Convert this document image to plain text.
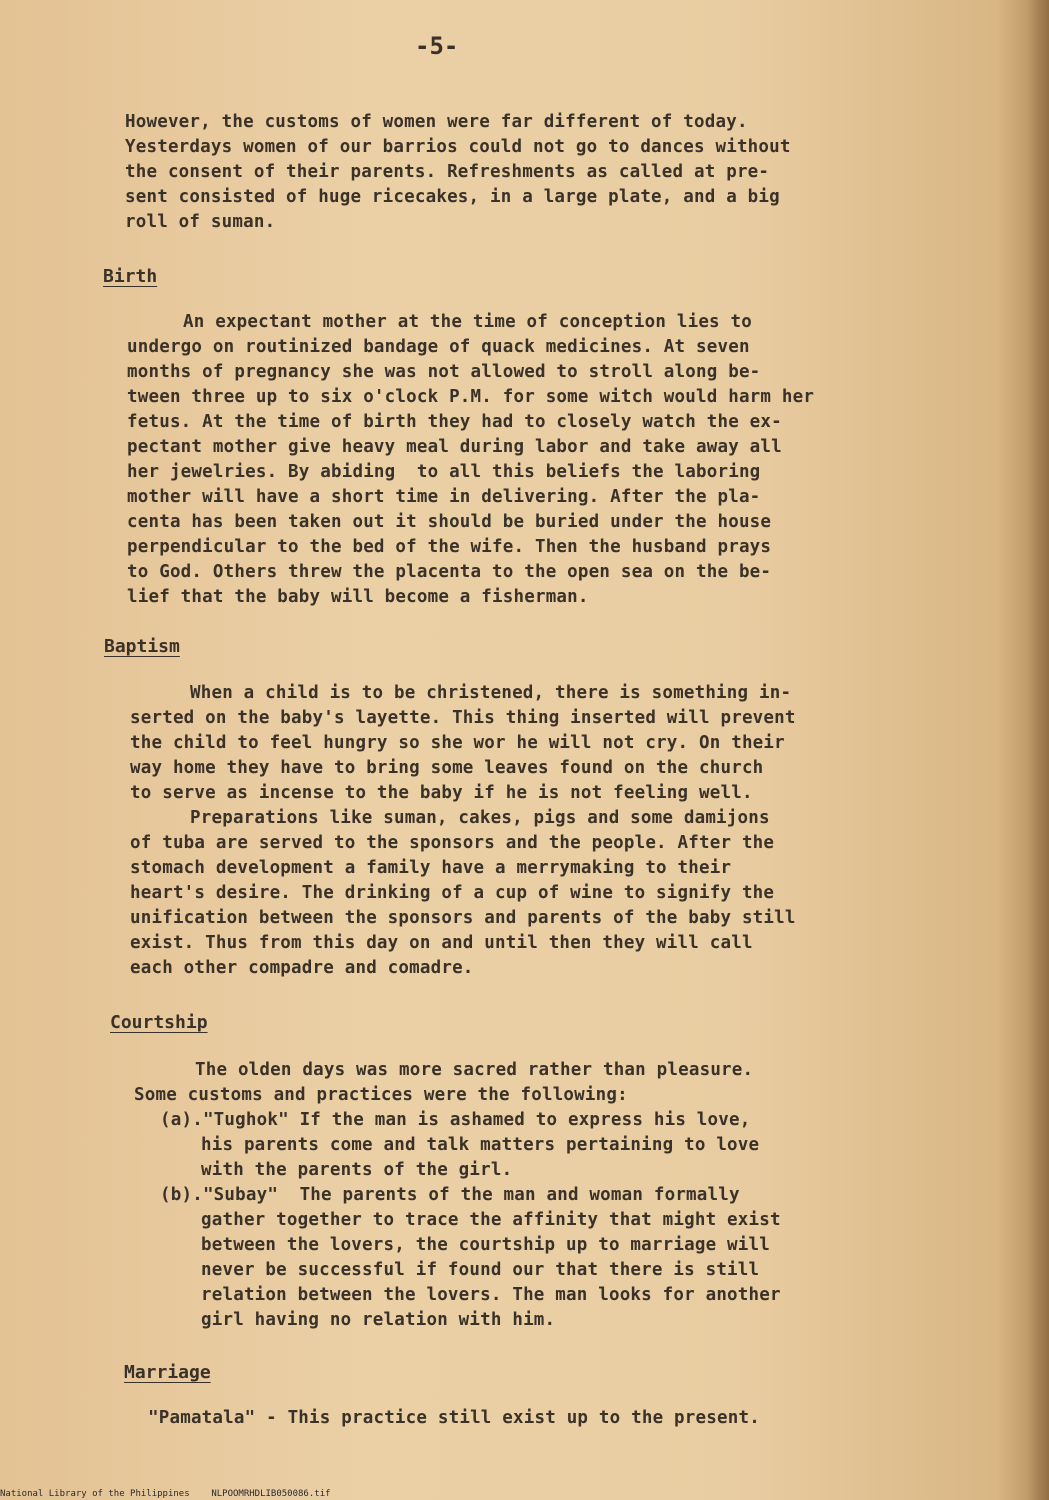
-5-
However, the customs of women were far different of today.
Yesterdays women of our barrios could not go to dances without
the consent of their parents. Refreshments as called at pre-
sent consisted of huge ricecakes, in a large plate, and a big
roll of suman.
Birth
An expectant mother at the time of conception lies to
undergo on routinized bandage of quack medicines. At seven
months of pregnancy she was not allowed to stroll along be-
tween three up to six o'clock P.M. for some witch would harm her
fetus. At the time of birth they had to closely watch the ex-
pectant mother give heavy meal during labor and take away all
her jewelries. By abiding  to all this beliefs the laboring
mother will have a short time in delivering. After the pla-
centa has been taken out it should be buried under the house
perpendicular to the bed of the wife. Then the husband prays
to God. Others threw the placenta to the open sea on the be-
lief that the baby will become a fisherman.
Baptism
When a child is to be christened, there is something in-
serted on the baby's layette. This thing inserted will prevent
the child to feel hungry so she wor he will not cry. On their
way home they have to bring some leaves found on the church
to serve as incense to the baby if he is not feeling well.
Preparations like suman, cakes, pigs and some damijons
of tuba are served to the sponsors and the people. After the
stomach development a family have a merrymaking to their
heart's desire. The drinking of a cup of wine to signify the
unification between the sponsors and parents of the baby still
exist. Thus from this day on and until then they will call
each other compadre and comadre.
Courtship
The olden days was more sacred rather than pleasure.
Some customs and practices were the following:
(a)."Tughok" If the man is ashamed to express his love,
his parents come and talk matters pertaining to love
with the parents of the girl.
(b)."Subay"  The parents of the man and woman formally
gather together to trace the affinity that might exist
between the lovers, the courtship up to marriage will
never be successful if found our that there is still
relation between the lovers. The man looks for another
girl having no relation with him.
Marriage
"Pamatala" - This practice still exist up to the present.
National Library of the Philippines    NLPOOMRHDLIB050086.tif
